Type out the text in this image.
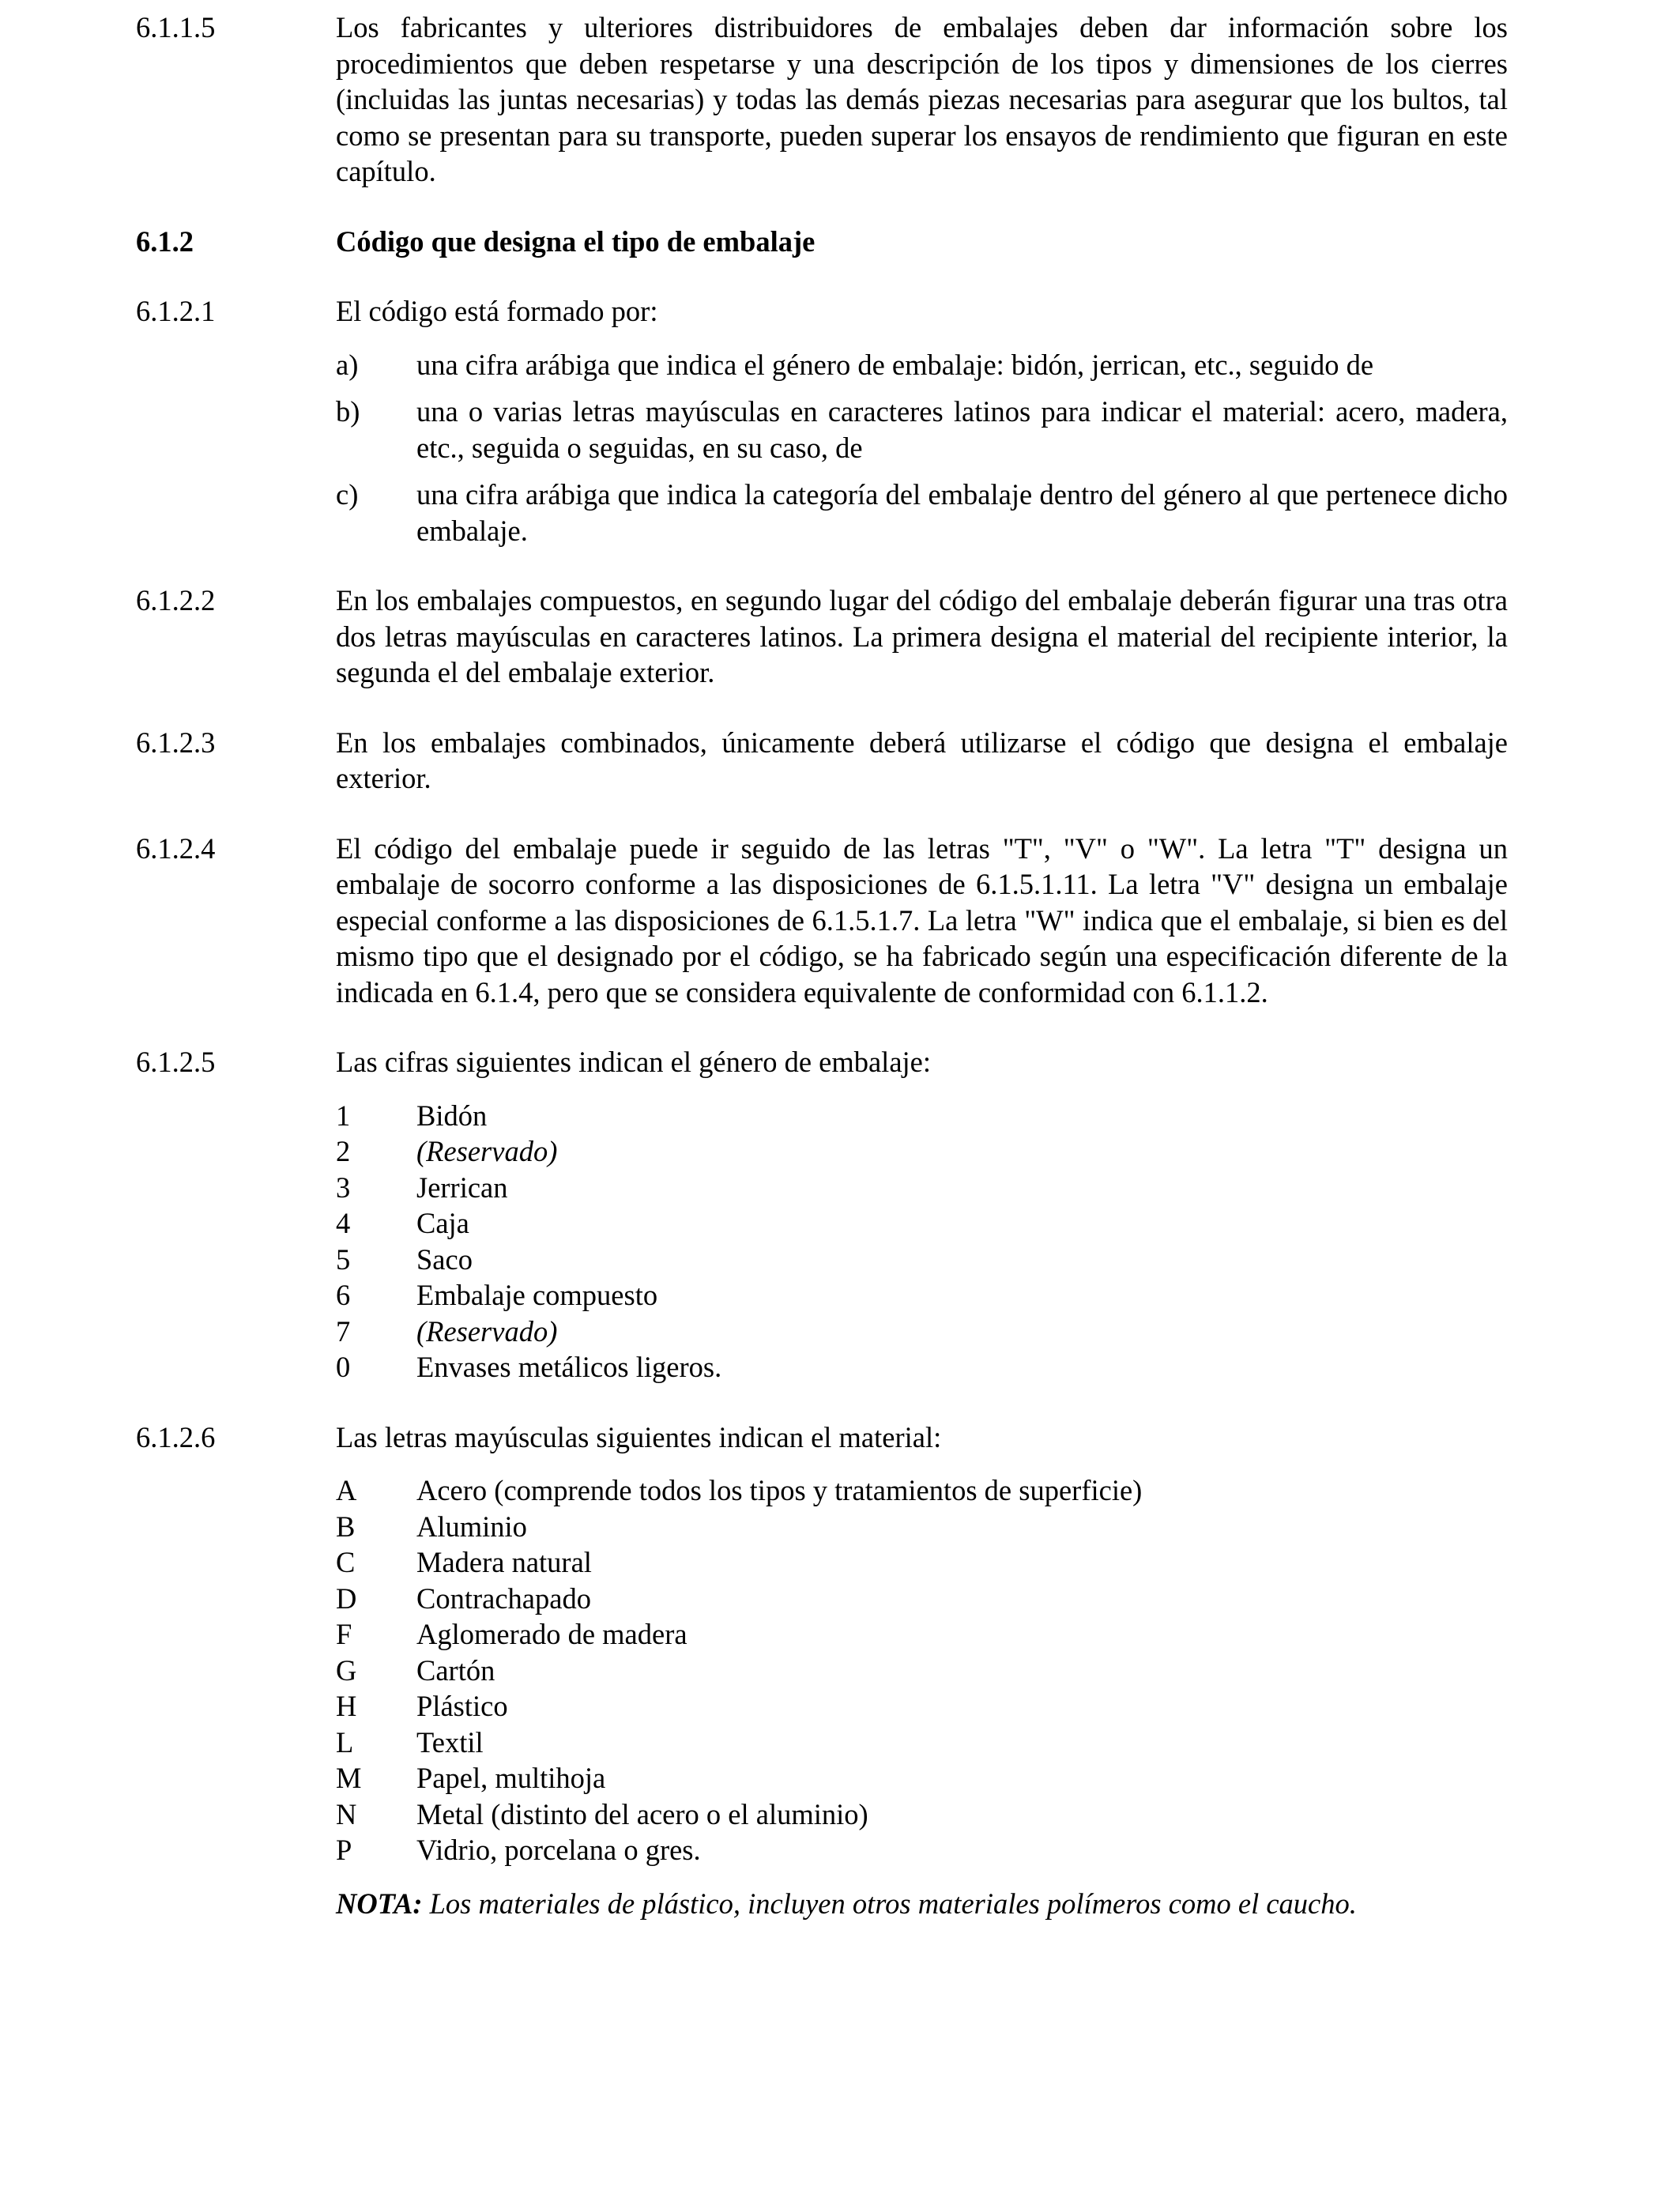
6.1.1.5	Los fabricantes y ulteriores distribuidores de embalajes deben dar información sobre los procedimientos que deben respetarse y una descripción de los tipos y dimensiones de los cierres (incluidas las juntas necesarias) y todas las demás piezas necesarias para asegurar que los bultos, tal como se presentan para su transporte, pueden superar los ensayos de rendimiento que figuran en este capítulo.
6.1.2	Código que designa el tipo de embalaje
6.1.2.1	El código está formado por:

a)	una cifra arábiga que indica el género de embalaje: bidón, jerrican, etc., seguido de
b)	una o varias letras mayúsculas en caracteres latinos para indicar el material: acero, madera, etc., seguida o seguidas, en su caso, de
c)	una cifra arábiga que indica la categoría del embalaje dentro del género al que pertenece dicho embalaje.
6.1.2.2	En los embalajes compuestos, en segundo lugar del código del embalaje deberán figurar una tras otra dos letras mayúsculas en caracteres latinos. La primera designa el material del recipiente interior, la segunda el del embalaje exterior.
6.1.2.3	En los embalajes combinados, únicamente deberá utilizarse el código que designa el embalaje exterior.
6.1.2.4	El código del embalaje puede ir seguido de las letras "T", "V" o "W". La letra "T" designa un embalaje de socorro conforme a las disposiciones de 6.1.5.1.11. La letra "V" designa un embalaje especial conforme a las disposiciones de 6.1.5.1.7. La letra "W" indica que el embalaje, si bien es del mismo tipo que el designado por el código, se ha fabricado según una especificación diferente de la indicada en 6.1.4, pero que se considera equivalente de conformidad con 6.1.1.2.
6.1.2.5	Las cifras siguientes indican el género de embalaje:

1	Bidón
2	(Reservado)
3	Jerrican
4	Caja
5	Saco
6	Embalaje compuesto
7	(Reservado)
0	Envases metálicos ligeros.
6.1.2.6	Las letras mayúsculas siguientes indican el material:

A	Acero (comprende todos los tipos y tratamientos de superficie)
B	Aluminio
C	Madera natural
D	Contrachapado
F	Aglomerado de madera
G	Cartón
H	Plástico
L	Textil
M	Papel, multihoja
N	Metal (distinto del acero o el aluminio)
P	Vidrio, porcelana o gres.
NOTA: Los materiales de plástico, incluyen otros materiales polímeros como el caucho.
